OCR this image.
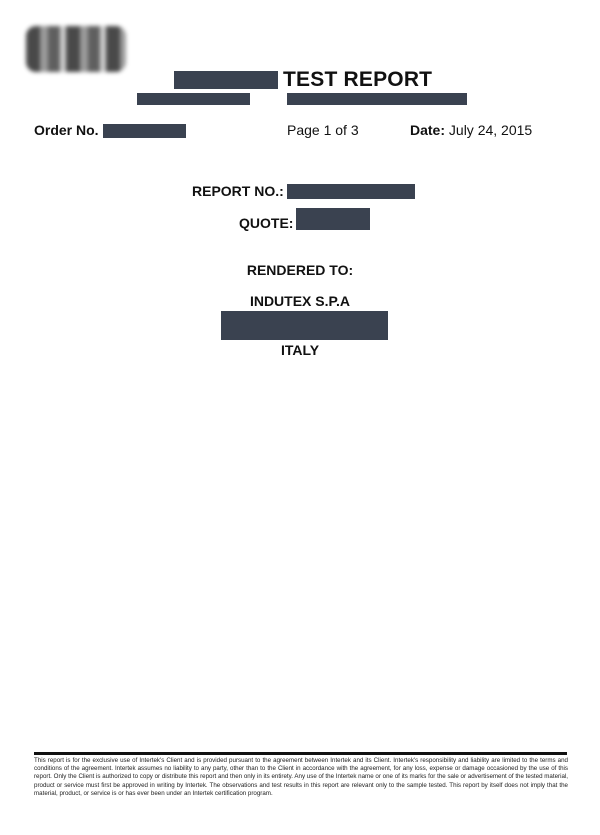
TEST REPORT
Order No.	Page 1 of 3	Date: July 24, 2015
REPORT NO.:
QUOTE:
RENDERED TO:
INDUTEX S.P.A
ITALY
This report is for the exclusive use of Intertek's Client and is provided pursuant to the agreement between Intertek and its Client. Intertek's responsibility and liability are limited to the terms and conditions of the agreement. Intertek assumes no liability to any party, other than to the Client in accordance with the agreement, for any loss, expense or damage occasioned by the use of this report. Only the Client is authorized to copy or distribute this report and then only in its entirety. Any use of the Intertek name or one of its marks for the sale or advertisement of the tested material, product or service must first be approved in writing by Intertek. The observations and test results in this report are relevant only to the sample tested. This report by itself does not imply that the material, product, or service is or has ever been under an Intertek certification program.
